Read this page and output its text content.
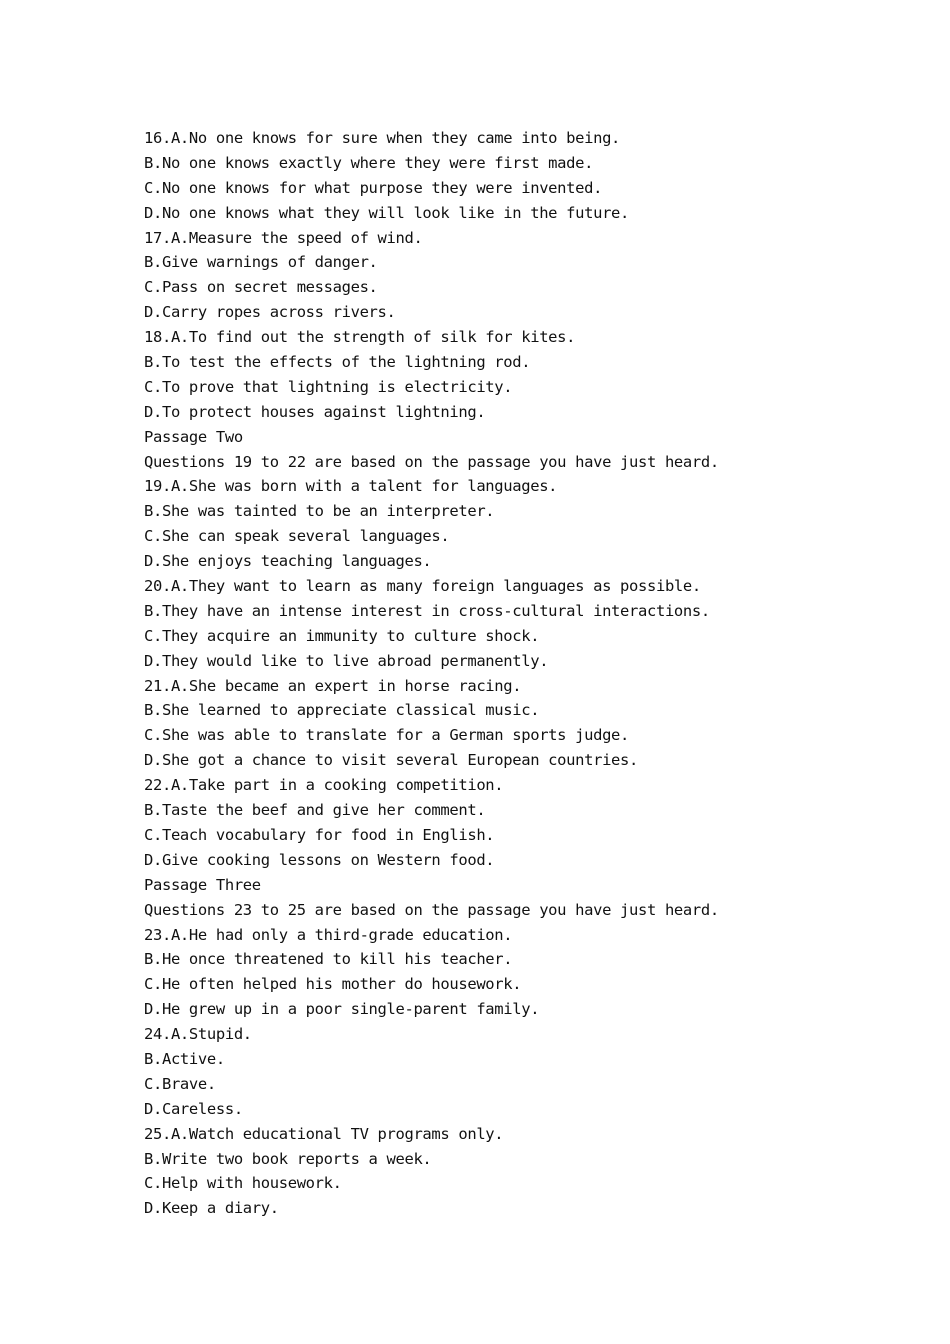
16.A.No one knows for sure when they came into being.
B.No one knows exactly where they were first made.
C.No one knows for what purpose they were invented.
D.No one knows what they will look like in the future.
17.A.Measure the speed of wind.
B.Give warnings of danger.
C.Pass on secret messages.
D.Carry ropes across rivers.
18.A.To find out the strength of silk for kites.
B.To test the effects of the lightning rod.
C.To prove that lightning is electricity.
D.To protect houses against lightning.
Passage Two
Questions 19 to 22 are based on the passage you have just heard.
19.A.She was born with a talent for languages.
B.She was tainted to be an interpreter.
C.She can speak several languages.
D.She enjoys teaching languages.
20.A.They want to learn as many foreign languages as possible.
B.They have an intense interest in cross-cultural interactions.
C.They acquire an immunity to culture shock.
D.They would like to live abroad permanently.
21.A.She became an expert in horse racing.
B.She learned to appreciate classical music.
C.She was able to translate for a German sports judge.
D.She got a chance to visit several European countries.
22.A.Take part in a cooking competition.
B.Taste the beef and give her comment.
C.Teach vocabulary for food in English.
D.Give cooking lessons on Western food.
Passage Three
Questions 23 to 25 are based on the passage you have just heard.
23.A.He had only a third-grade education.
B.He once threatened to kill his teacher.
C.He often helped his mother do housework.
D.He grew up in a poor single-parent family.
24.A.Stupid.
B.Active.
C.Brave.
D.Careless.
25.A.Watch educational TV programs only.
B.Write two book reports a week.
C.Help with housework.
D.Keep a diary.
